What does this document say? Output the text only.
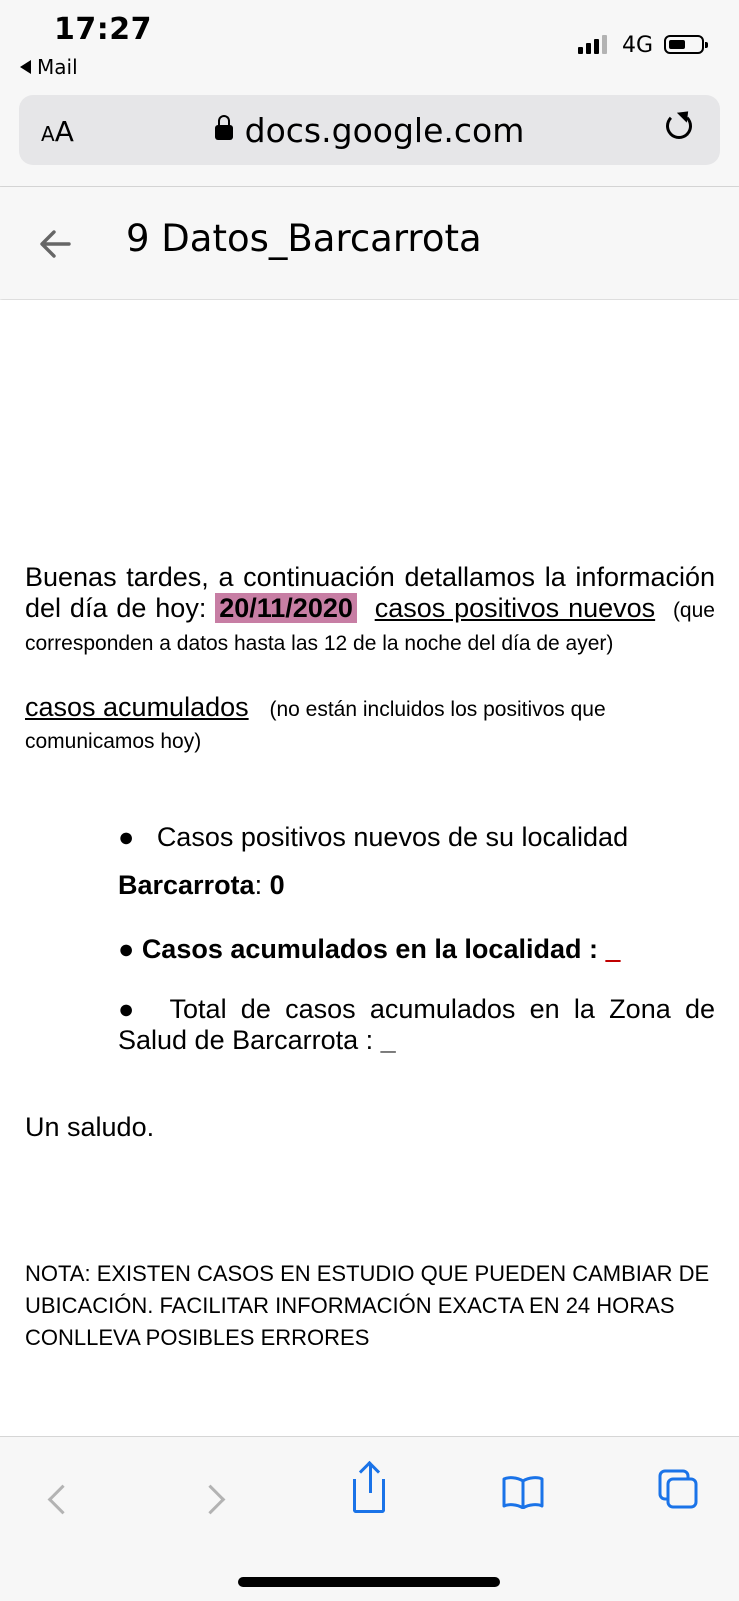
17:27
Mail
4G
AA	docs.google.com
9 Datos_Barcarrota
Buenas tardes, a continuación detallamos la información del día de hoy: 20/11/2020 casos positivos nuevos (que corresponden a datos hasta las 12 de la noche del día de ayer)
casos acumulados (no están incluidos los positivos que comunicamos hoy)
●   Casos positivos nuevos de su localidad
Barcarrota: 0
● Casos acumulados en la localidad : _
●  Total de casos acumulados en la Zona de Salud de Barcarrota : _
Un saludo.
NOTA: EXISTEN CASOS EN ESTUDIO QUE PUEDEN CAMBIAR DE UBICACIÓN. FACILITAR INFORMACIÓN EXACTA EN 24 HORAS CONLLEVA POSIBLES ERRORES
